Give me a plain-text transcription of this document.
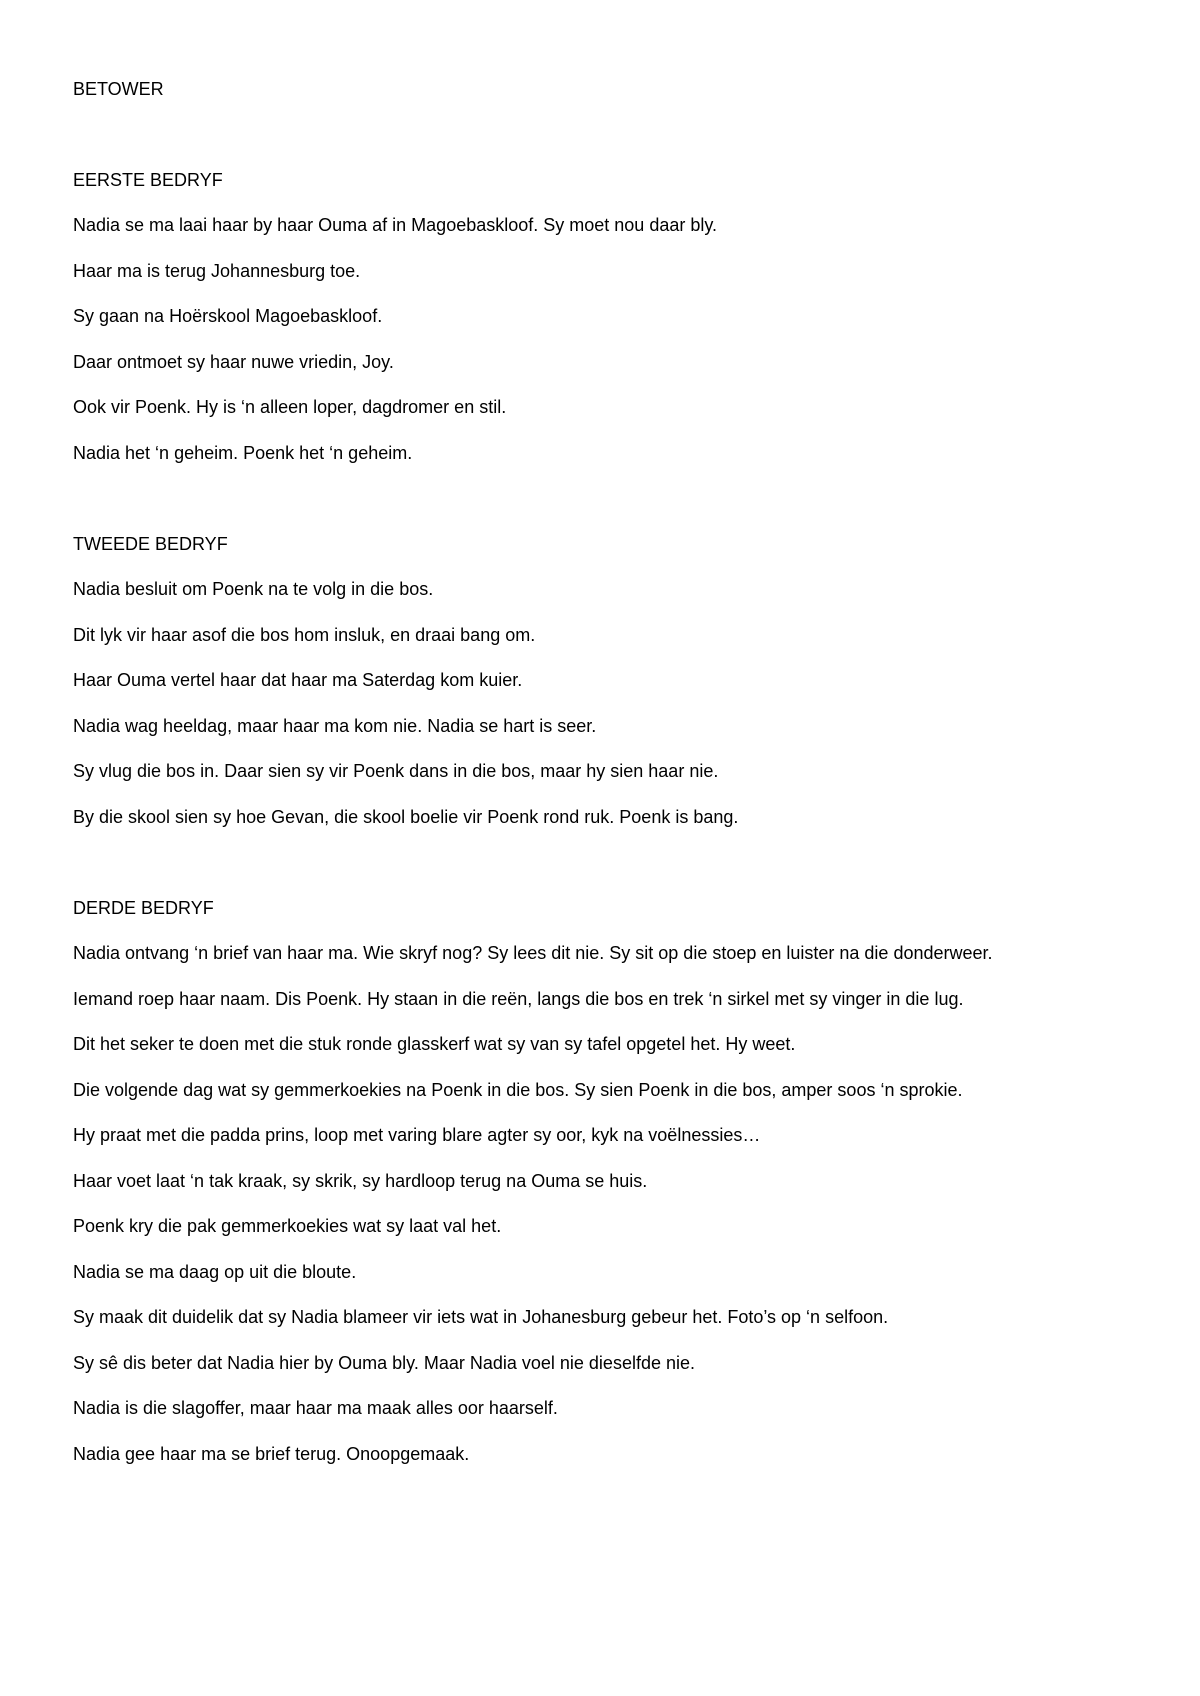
BETOWER

EERSTE BEDRYF

Nadia se ma laai haar by haar Ouma af in Magoebaskloof. Sy moet nou daar bly.

Haar ma is terug Johannesburg toe.

Sy gaan na Hoërskool Magoebaskloof.

Daar ontmoet sy haar nuwe vriedin, Joy.

Ook vir Poenk. Hy is ‘n alleen loper, dagdromer en stil.

Nadia het ‘n geheim. Poenk het ‘n geheim.

TWEEDE BEDRYF

Nadia besluit om Poenk na te volg in die bos.

Dit lyk vir haar asof die bos hom insluk, en draai bang om.

Haar Ouma vertel haar dat haar ma Saterdag kom kuier.

Nadia wag heeldag, maar haar ma kom nie. Nadia se hart is seer.

Sy vlug die bos in. Daar sien sy vir Poenk dans in die bos, maar hy sien haar nie.

By die skool sien sy hoe Gevan, die skool boelie vir Poenk rond ruk. Poenk is bang.

DERDE BEDRYF

Nadia ontvang ‘n brief van haar ma. Wie skryf nog? Sy lees dit nie. Sy sit op die stoep en luister na die donderweer.

Iemand roep haar naam. Dis Poenk. Hy staan in die reën, langs die bos en trek ‘n sirkel met sy vinger in die lug.

Dit het seker te doen met die stuk ronde glasskerf wat sy van sy tafel opgetel het. Hy weet.

Die volgende dag wat sy gemmerkoekies na Poenk in die bos. Sy sien Poenk in die bos, amper soos ‘n sprokie.

Hy praat met die padda prins, loop met varing blare agter sy oor, kyk na voëlnessies…

Haar voet laat ‘n tak kraak, sy skrik, sy hardloop terug na Ouma se huis.

Poenk kry die pak gemmerkoekies wat sy laat val het.

Nadia se ma daag op uit die bloute.

Sy maak dit duidelik dat sy Nadia blameer vir iets wat in Johanesburg gebeur het. Foto’s op ‘n selfoon.

Sy sê dis beter dat Nadia hier by Ouma bly. Maar Nadia voel nie dieselfde nie.

Nadia is die slagoffer, maar haar ma maak alles oor haarself.

Nadia gee haar ma se brief terug. Onoopgemaak.
